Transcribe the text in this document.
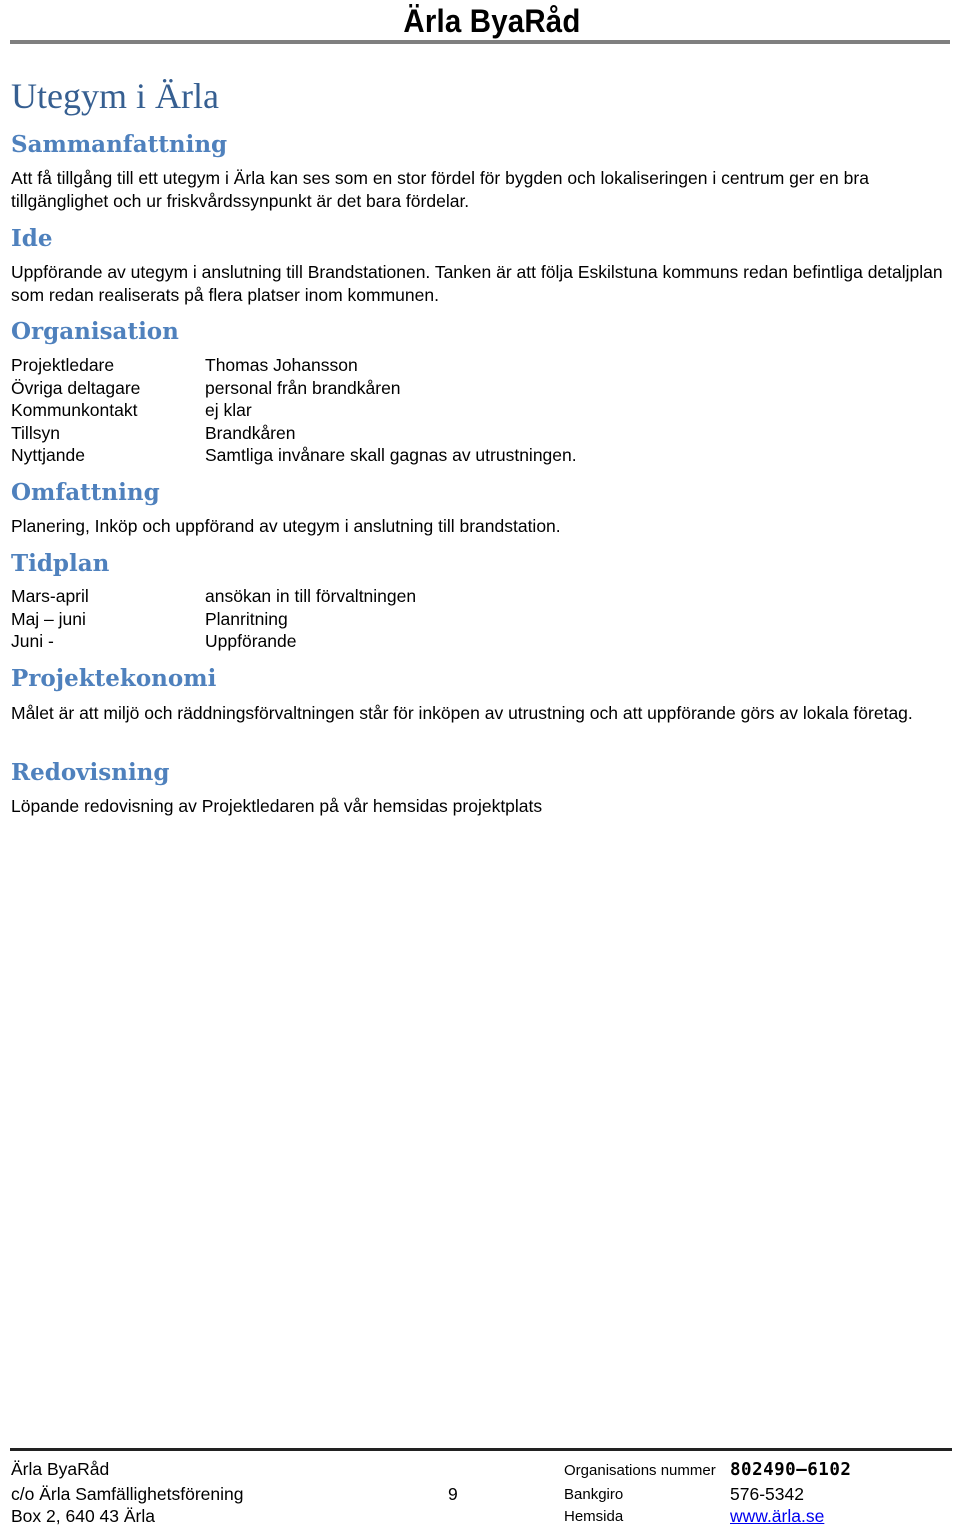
Ärla ByaRåd
Utegym i Ärla
Sammanfattning

Att få tillgång till ett utegym i Ärla kan ses som en stor fördel för bygden och lokaliseringen i centrum ger en bra tillgänglighet och ur friskvårdssynpunkt är det bara fördelar.

Ide

Uppförande av utegym i anslutning till Brandstationen. Tanken är att följa Eskilstuna kommuns redan befintliga detaljplan som redan realiserats på flera platser inom kommunen.

Organisation
Projektledare	Thomas Johansson
Övriga deltagare	personal från brandkåren
Kommunkontakt	ej klar
Tillsyn	Brandkåren
Nyttjande	Samtliga invånare skall gagnas av utrustningen.
Omfattning

Planering, Inköp och uppförand av utegym i anslutning till brandstation.

Tidplan
Mars-april	ansökan in till förvaltningen
Maj – juni	Planritning
Juni -	Uppförande
Projektekonomi

Målet är att miljö och räddningsförvaltningen står för inköpen av utrustning och att uppförande görs av lokala företag.

Redovisning

Löpande redovisning av Projektledaren på vår hemsidas projektplats

Ärla ByaRåd
c/o Ärla Samfällighetsförening
Box 2, 640 43 Ärla
9
Organisations nummer 802490–6102
Bankgiro	576-5342
Hemsida	www.ärla.se
